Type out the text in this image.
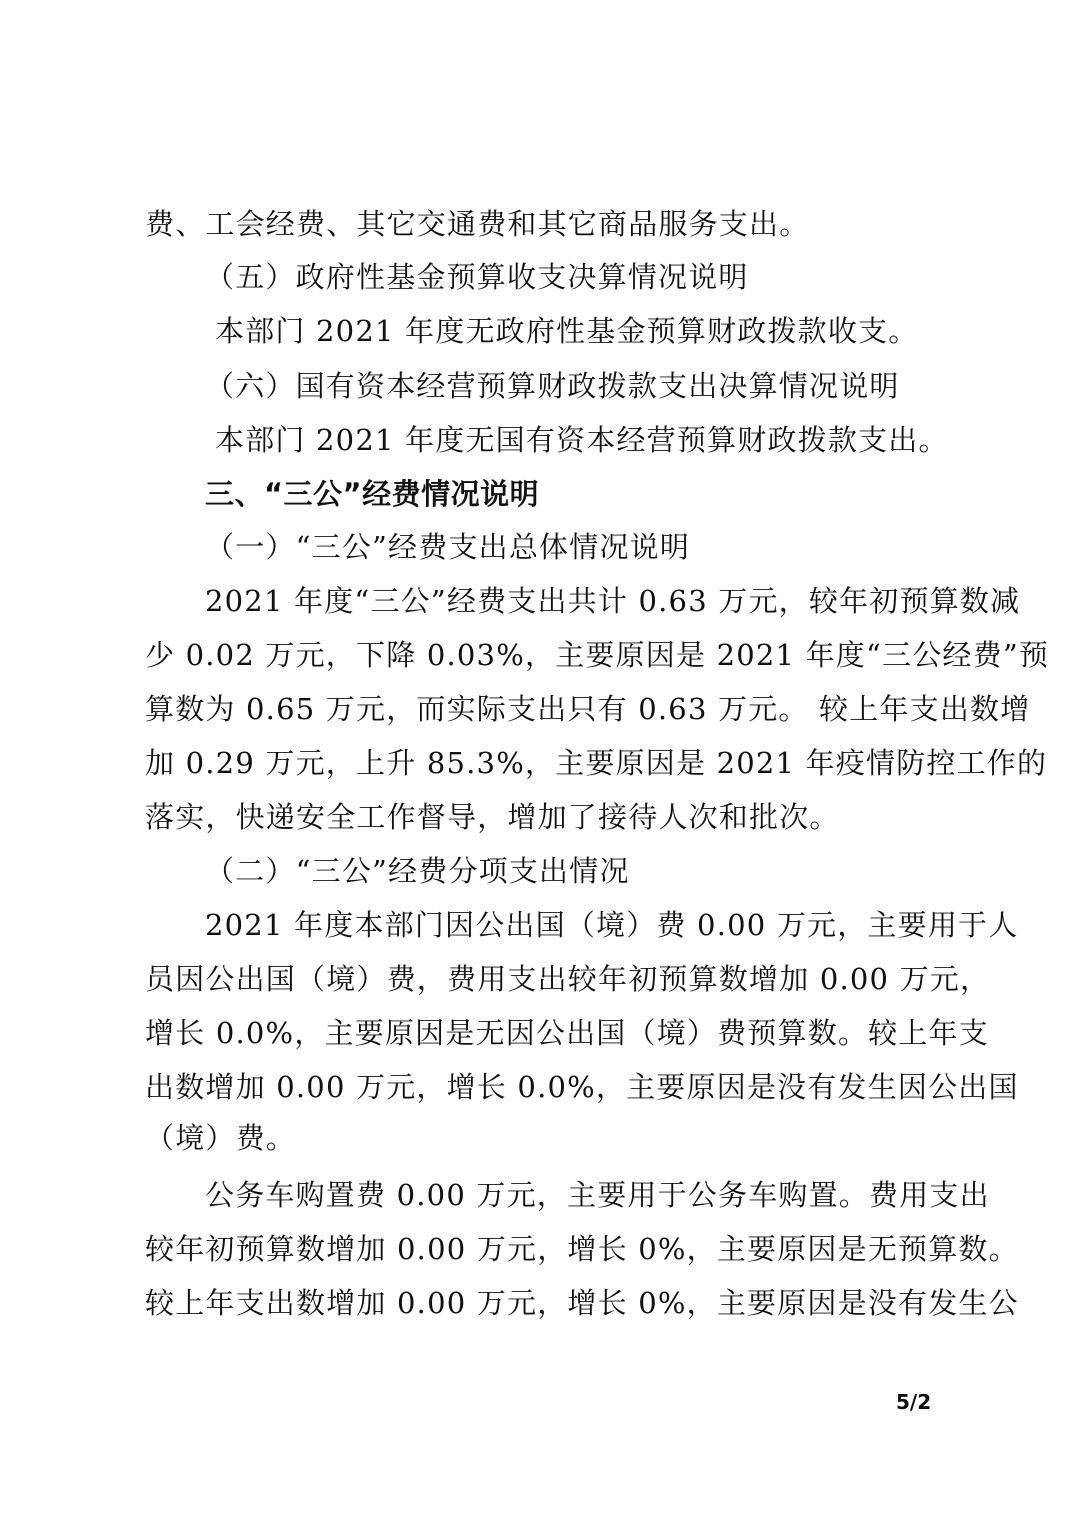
费、工会经费、其它交通费和其它商品服务支出。
（五）政府性基金预算收支决算情况说明
本部门 2021 年度无政府性基金预算财政拨款收支。
（六）国有资本经营预算财政拨款支出决算情况说明
本部门 2021 年度无国有资本经营预算财政拨款支出。
三、“三公”经费情况说明
（一）“三公”经费支出总体情况说明
2021 年度“三公”经费支出共计 0.63 万元，较年初预算数减
少 0.02 万元，下降 0.03%，主要原因是 2021 年度“三公经费”预
算数为 0.65 万元，而实际支出只有 0.63 万元。 较上年支出数增
加 0.29 万元，上升 85.3%，主要原因是 2021 年疫情防控工作的
落实，快递安全工作督导，增加了接待人次和批次。
（二）“三公”经费分项支出情况
2021 年度本部门因公出国（境）费 0.00 万元，主要用于人
员因公出国（境）费，费用支出较年初预算数增加 0.00 万元，
增长 0.0%，主要原因是无因公出国（境）费预算数。较上年支
出数增加 0.00 万元，增长 0.0%，主要原因是没有发生因公出国
（境）费。
公务车购置费 0.00 万元，主要用于公务车购置。费用支出
较年初预算数增加 0.00 万元，增长 0%，主要原因是无预算数。
较上年支出数增加 0.00 万元，增长 0%，主要原因是没有发生公
5/2
